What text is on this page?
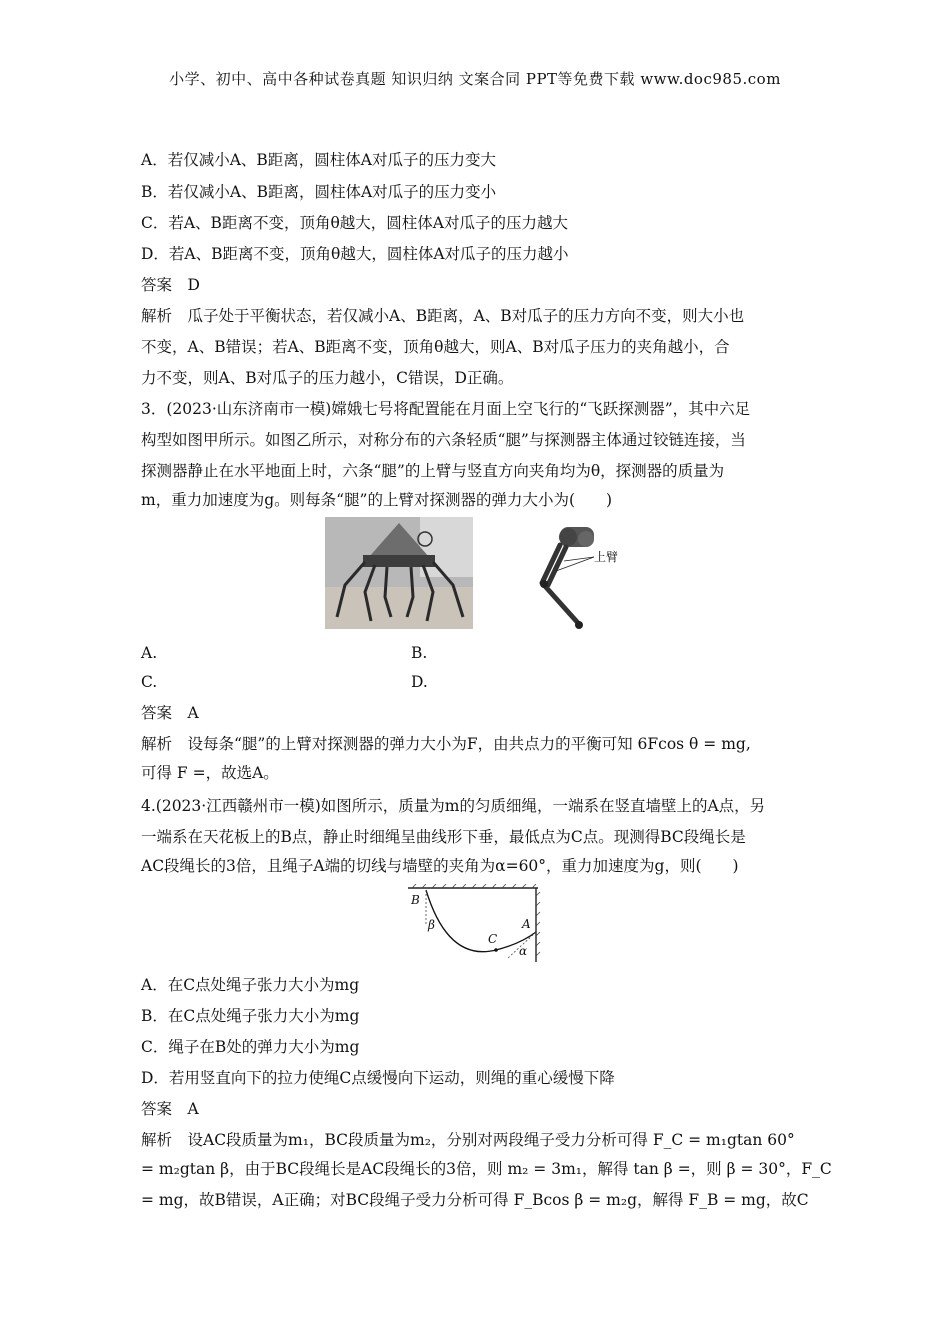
小学、初中、高中各种试卷真题 知识归纳 文案合同 PPT等免费下载 www.doc985.com
A．若仅减小A、B距离，圆柱体A对瓜子的压力变大
B．若仅减小A、B距离，圆柱体A对瓜子的压力变小
C．若A、B距离不变，顶角θ越大，圆柱体A对瓜子的压力越大
D．若A、B距离不变，顶角θ越大，圆柱体A对瓜子的压力越小
答案　D
解析　瓜子处于平衡状态，若仅减小A、B距离，A、B对瓜子的压力方向不变，则大小也
不变，A、B错误；若A、B距离不变，顶角θ越大，则A、B对瓜子压力的夹角越小，合
力不变，则A、B对瓜子的压力越小，C错误，D正确。
3．(2023·山东济南市一模)嫦娥七号将配置能在月面上空飞行的“飞跃探测器”，其中六足
构型如图甲所示。如图乙所示，对称分布的六条轻质“腿”与探测器主体通过铰链连接，当
探测器静止在水平地面上时，六条“腿”的上臂与竖直方向夹角均为θ，探测器的质量为
m，重力加速度为g。则每条“腿”的上臂对探测器的弹力大小为(　　)
上臂
A.	B.
C.	D.
答案　A
解析　设每条“腿”的上臂对探测器的弹力大小为F，由共点力的平衡可知 6Fcos θ = mg,
可得 F =，故选A。
4.(2023·江西赣州市一模)如图所示，质量为m的匀质细绳，一端系在竖直墙壁上的A点，另
一端系在天花板上的B点，静止时细绳呈曲线形下垂，最低点为C点。现测得BC段绳长是
AC段绳长的3倍，且绳子A端的切线与墙壁的夹角为α=60°，重力加速度为g，则(　　)
B
β
C
A
α
A．在C点处绳子张力大小为mg
B．在C点处绳子张力大小为mg
C．绳子在B处的弹力大小为mg
D．若用竖直向下的拉力使绳C点缓慢向下运动，则绳的重心缓慢下降
答案　A
解析　设AC段质量为m₁，BC段质量为m₂，分别对两段绳子受力分析可得 F_C = m₁gtan 60°
= m₂gtan β，由于BC段绳长是AC段绳长的3倍，则 m₂ = 3m₁，解得 tan β =，则 β = 30°，F_C
= mg，故B错误，A正确；对BC段绳子受力分析可得 F_Bcos β = m₂g，解得 F_B = mg，故C
